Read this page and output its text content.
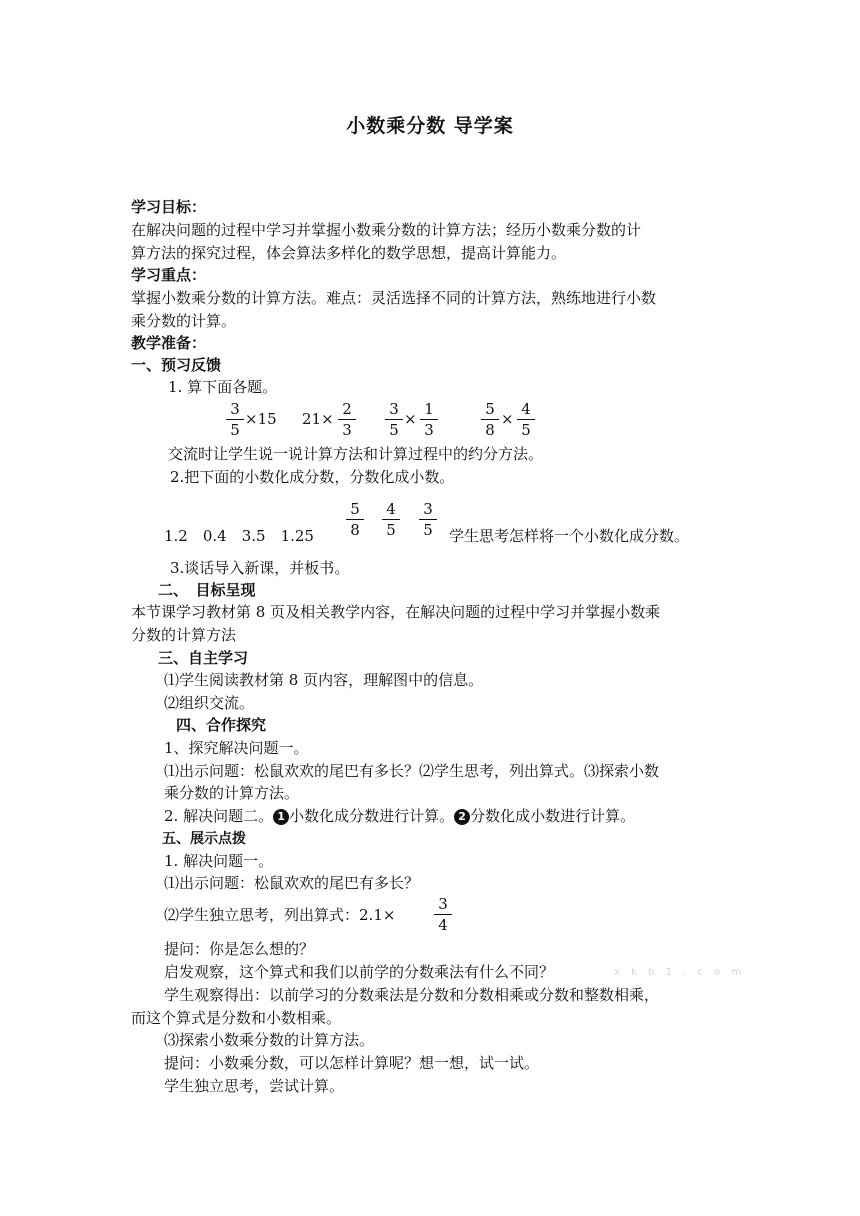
小数乘分数 导学案
学习目标：
在解决问题的过程中学习并掌握小数乘分数的计算方法；经历小数乘分数的计
算方法的探究过程，体会算法多样化的数学思想，提高计算能力。
学习重点：
掌握小数乘分数的计算方法。难点：灵活选择不同的计算方法，熟练地进行小数
乘分数的计算。
教学准备：
一、预习反馈
1. 算下面各题。
$\frac{3}{5} \times 15$ $21\times \frac{2}{3} \frac{3}{5} \times \frac{1}{3}$	$\frac{5}{8} \times \frac{4}{5}$
交流时让学生说一说计算方法和计算过程中的约分方法。
2.把下面的小数化成分数，分数化成小数。
1.2　0.4　3.5　$1.25 \frac{5}{8} \frac{4}{5} \frac{3}{5}$ 学生思考怎样将一个小数化成分数。
3.谈话导入新课，并板书。
二、　目标呈现
本节课学习教材第 8 页及相关教学内容，在解决问题的过程中学习并掌握小数乘
分数的计算方法
三、自主学习
⑴学生阅读教材第 8 页内容，理解图中的信息。
⑵组织交流。
四、合作探究
1、探究解决问题一。
⑴出示问题：松鼠欢欢的尾巴有多长？⑵学生思考，列出算式。⑶探索小数
乘分数的计算方法。
2. 解决问题二。 1 小数化成分数进行计算。 2 分数化成小数进行计算。
五、展示点拨
1. 解决问题一。
⑴出示问题：松鼠欢欢的尾巴有多长？
⑵学生独立思考，列出算式：2.1×	$\frac{3}{4}$
提问：你是怎么想的？
启发观察，这个算式和我们以前学的分数乘法有什么不同？	x k b 1 . c o m
学生观察得出：以前学习的分数乘法是分数和分数相乘或分数和整数相乘，
而这个算式是分数和小数相乘。
⑶探索小数乘分数的计算方法。
提问：小数乘分数，可以怎样计算呢？想一想，试一试。
学生独立思考，尝试计算。
